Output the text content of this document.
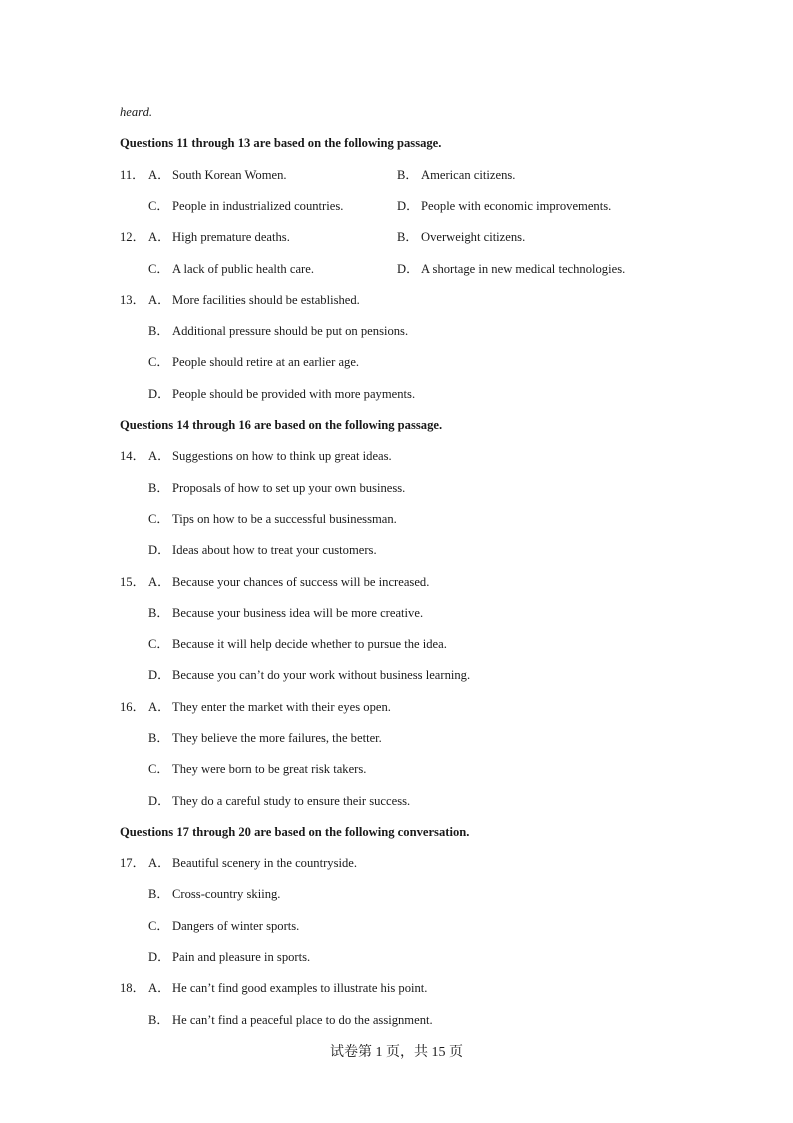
heard.
Questions 11 through 13 are based on the following passage.
11． A． South Korean Women.	B． American citizens.
C． People in industrialized countries.	D． People with economic improvements.
12． A． High premature deaths.	B． Overweight citizens.
C． A lack of public health care.	D． A shortage in new medical technologies.
13． A． More facilities should be established.
B． Additional pressure should be put on pensions.
C． People should retire at an earlier age.
D． People should be provided with more payments.
Questions 14 through 16 are based on the following passage.
14． A． Suggestions on how to think up great ideas.
B． Proposals of how to set up your own business.
C． Tips on how to be a successful businessman.
D． Ideas about how to treat your customers.
15． A． Because your chances of success will be increased.
B． Because your business idea will be more creative.
C． Because it will help decide whether to pursue the idea.
D． Because you can’t do your work without business learning.
16． A． They enter the market with their eyes open.
B． They believe the more failures, the better.
C． They were born to be great risk takers.
D． They do a careful study to ensure their success.
Questions 17 through 20 are based on the following conversation.
17． A． Beautiful scenery in the countryside.
B． Cross-country skiing.
C． Dangers of winter sports.
D． Pain and pleasure in sports.
18． A． He can’t find good examples to illustrate his point.
B． He can’t find a peaceful place to do the assignment.
试卷第 1 页，共 15 页
